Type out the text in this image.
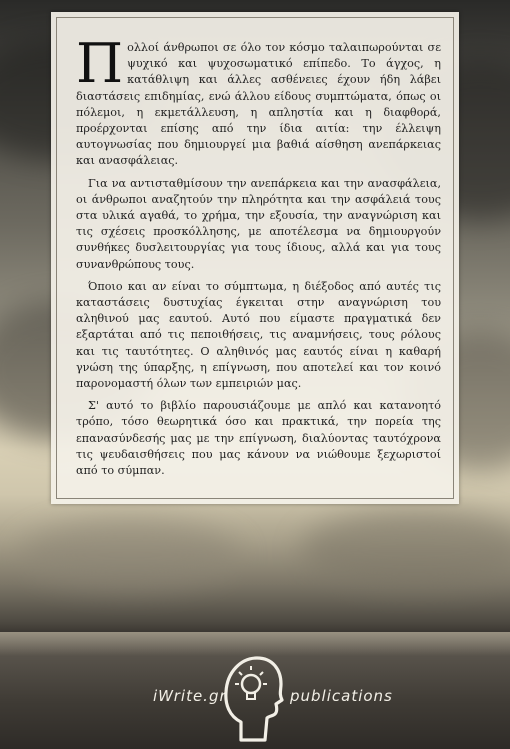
Π ολλοί άνθρωποι σε όλο τον κόσμο ταλαιπωρούνται σε ψυχικό και ψυχοσωματικό επίπεδο. Το άγχος, η κατάθλιψη και άλλες ασθένειες έχουν ήδη λάβει διαστάσεις επιδημίας, ενώ άλλου είδους συμπτώματα, όπως οι πόλεμοι, η εκμετάλλευση, η απληστία και η διαφθορά, προέρχονται επίσης από την ίδια αιτία: την έλλειψη αυτογνωσίας που δημιουργεί μια βαθιά αίσθηση ανεπάρκειας και ανασφάλειας.

Για να αντισταθμίσουν την ανεπάρκεια και την ανασφάλεια, οι άνθρωποι αναζητούν την πληρότητα και την ασφάλειά τους στα υλικά αγαθά, το χρήμα, την εξουσία, την αναγνώριση και τις σχέσεις προσκόλλησης, με αποτέλεσμα να δημιουργούν συνθήκες δυσλειτουργίας για τους ίδιους, αλλά και για τους συνανθρώπους τους.

Όποιο και αν είναι το σύμπτωμα, η διέξοδος από αυτές τις καταστάσεις δυστυχίας έγκειται στην αναγνώριση του αληθινού μας εαυτού. Αυτό που είμαστε πραγματικά δεν εξαρτάται από τις πεποιθήσεις, τις αναμνήσεις, τους ρόλους και τις ταυτότητες. Ο αληθινός μας εαυτός είναι η καθαρή γνώση της ύπαρξης, η επίγνωση, που αποτελεί και τον κοινό παρονομαστή όλων των εμπειριών μας.

Σ' αυτό το βιβλίο παρουσιάζουμε με απλό και κατανοητό τρόπο, τόσο θεωρητικά όσο και πρακτικά, την πορεία της επανασύνδεσής μας με την επίγνωση, διαλύοντας ταυτόχρονα τις ψευδαισθήσεις που μας κάνουν να νιώθουμε ξεχωριστοί από το σύμπαν.

iWrite.gr	publications
